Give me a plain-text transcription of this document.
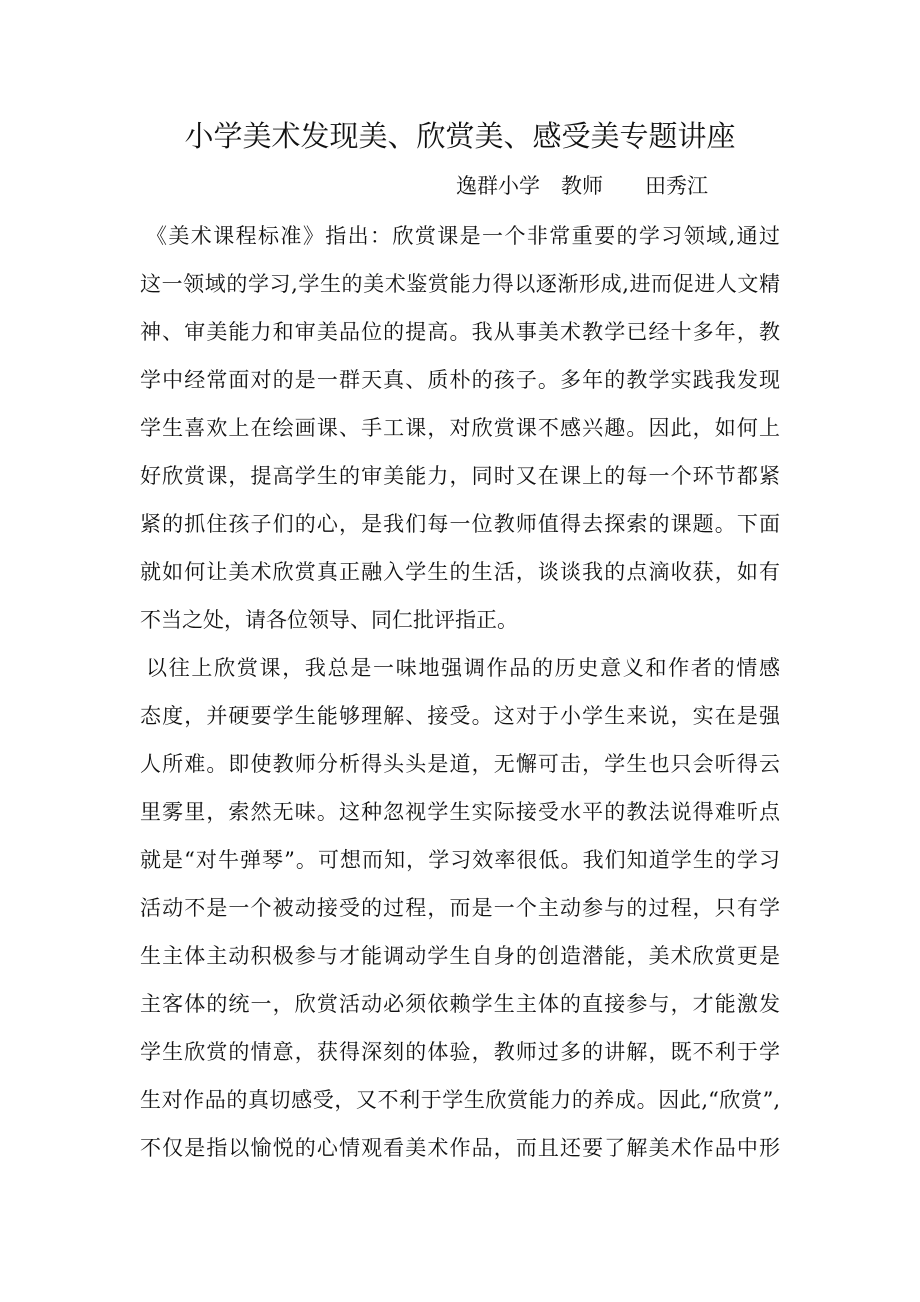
小学美术发现美、欣赏美、感受美专题讲座
逸群小学　教师　　田秀江
《美术课程标准》指出：欣赏课是一个非常重要的学习领域,通过
这一领域的学习,学生的美术鉴赏能力得以逐渐形成,进而促进人文精
神、审美能力和审美品位的提高。我从事美术教学已经十多年，教
学中经常面对的是一群天真、质朴的孩子。多年的教学实践我发现
学生喜欢上在绘画课、手工课，对欣赏课不感兴趣。因此，如何上
好欣赏课，提高学生的审美能力，同时又在课上的每一个环节都紧
紧的抓住孩子们的心，是我们每一位教师值得去探索的课题。下面
就如何让美术欣赏真正融入学生的生活，谈谈我的点滴收获，如有
不当之处，请各位领导、同仁批评指正。
以往上欣赏课，我总是一味地强调作品的历史意义和作者的情感
态度，并硬要学生能够理解、接受。这对于小学生来说，实在是强
人所难。即使教师分析得头头是道，无懈可击，学生也只会听得云
里雾里，索然无味。这种忽视学生实际接受水平的教法说得难听点
就是“对牛弹琴”。可想而知，学习效率很低。我们知道学生的学习
活动不是一个被动接受的过程，而是一个主动参与的过程，只有学
生主体主动积极参与才能调动学生自身的创造潜能，美术欣赏更是
主客体的统一，欣赏活动必须依赖学生主体的直接参与，才能激发
学生欣赏的情意，获得深刻的体验，教师过多的讲解，既不利于学
生对作品的真切感受，又不利于学生欣赏能力的养成。因此,“欣赏”,
不仅是指以愉悦的心情观看美术作品，而且还要了解美术作品中形
